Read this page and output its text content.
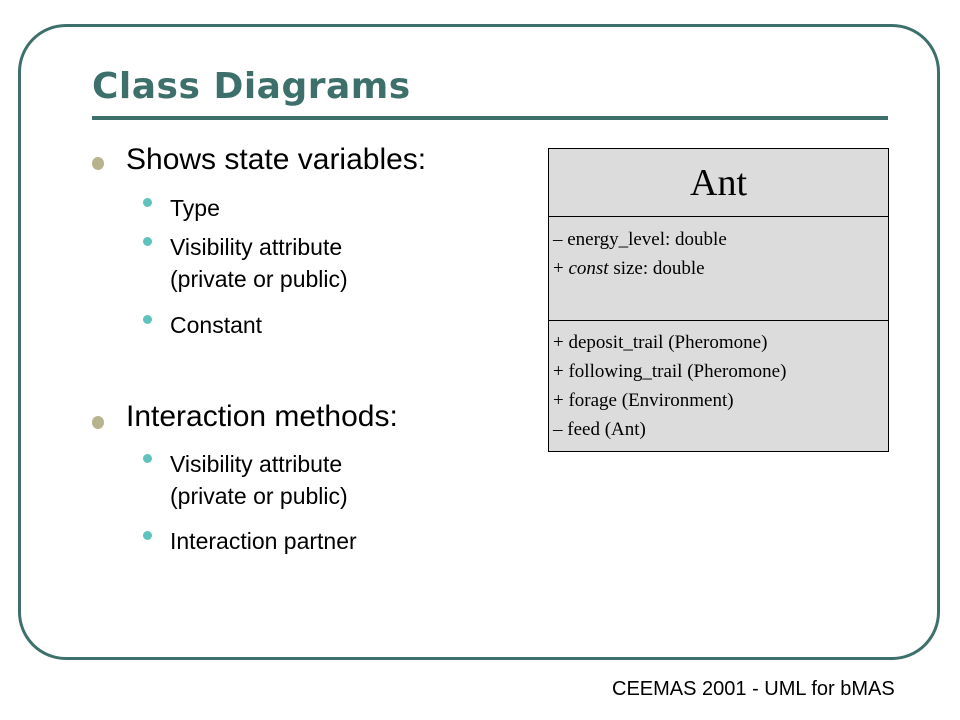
Class Diagrams
Shows state variables:
Type
Visibility attribute
(private or public)
Constant
Interaction methods:
Visibility attribute
(private or public)
Interaction partner
Ant
– energy_level: double
+ const size: double
+ deposit_trail (Pheromone)
+ following_trail (Pheromone)
+ forage (Environment)
– feed (Ant)
CEEMAS 2001 - UML for bMAS
